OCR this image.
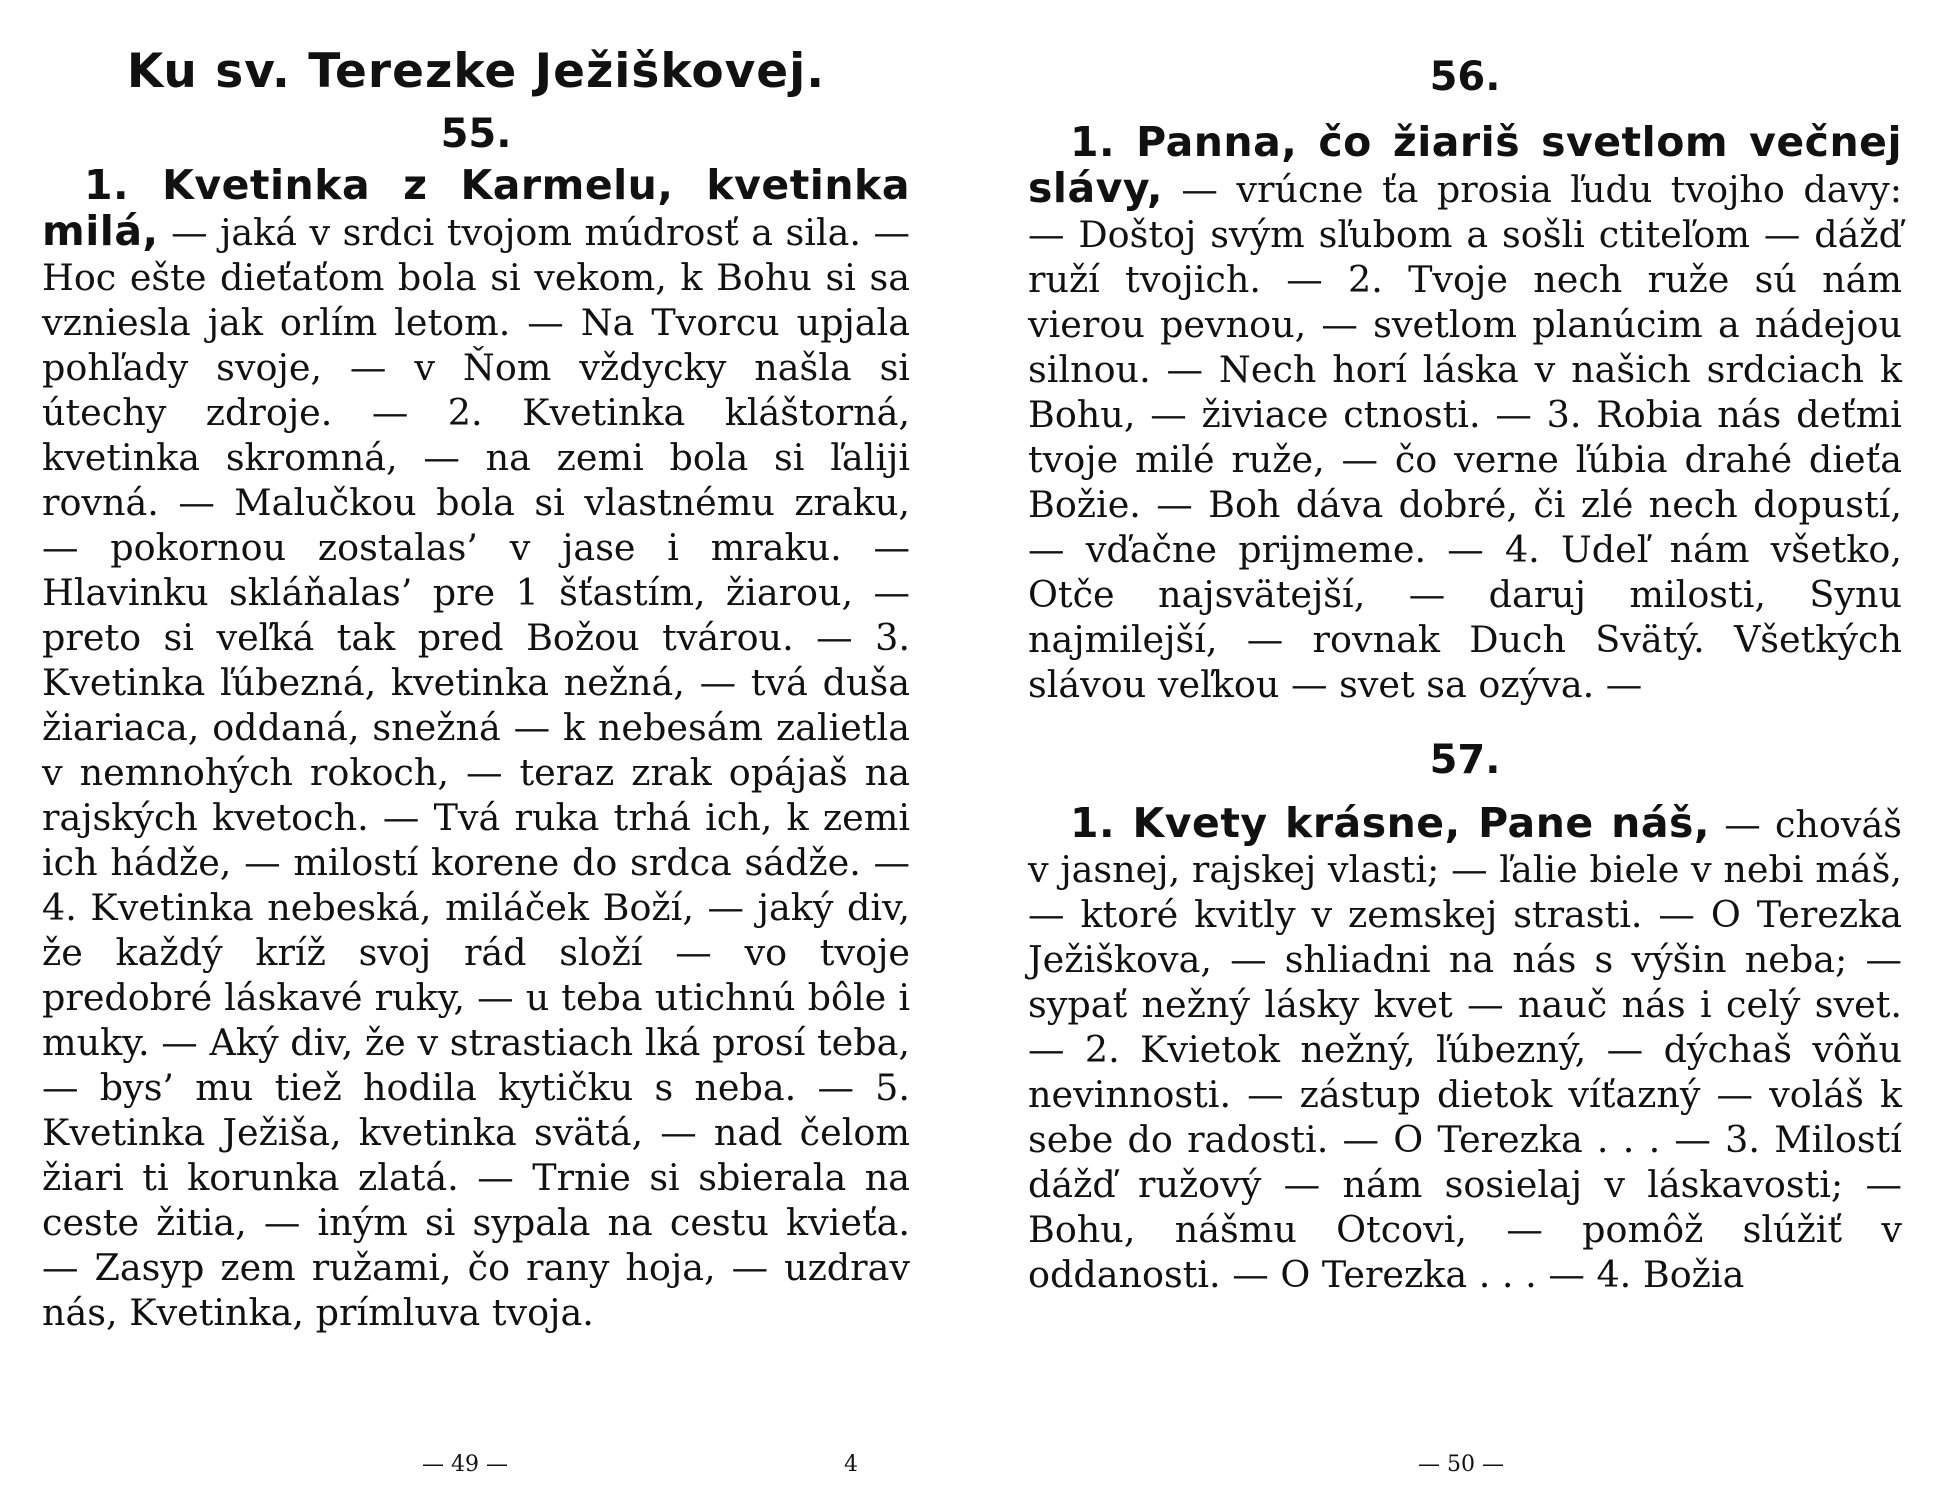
Ku sv. Terezke Ježiškovej.
55.

1. Kvetinka z Karmelu, kvetinka milá, — jaká v srdci tvojom múdrosť a sila. — Hoc ešte dieťaťom bola si vekom, k Bohu si sa vzniesla jak orlím letom. — Na Tvorcu upjala pohľady svoje, — v Ňom vždycky našla si útechy zdroje. — 2. Kvetinka kláštorná, kvetinka skromná, — na zemi bola si ľaliji rovná. — Malučkou bola si vlastnému zraku, — pokornou zostalas’ v jase i mraku. — Hlavinku skláňalas’ pre 1 šťastím, žiarou, — preto si veľká tak pred Božou tvárou. — 3. Kvetinka ľúbezná, kvetinka nežná, — tvá duša žiariaca, oddaná, snežná — k nebesám zalietla v nemnohých rokoch, — teraz zrak opájaš na rajských kvetoch. — Tvá ruka trhá ich, k zemi ich hádže, — milostí korene do srdca sádže. — 4. Kvetinka nebeská, miláček Boží, — jaký div, že každý kríž svoj rád složí — vo tvoje predobré láskavé ruky, — u teba utichnú bôle i muky. — Aký div, že v strastiach lká prosí teba, — bys’ mu tiež hodila kytičku s neba. — 5. Kvetinka Ježiša, kvetinka svätá, — nad čelom žiari ti korunka zlatá. — Trnie si sbierala na ceste žitia, — iným si sypala na cestu kvieťa. — Zasyp zem ružami, čo rany hoja, — uzdrav nás, Kvetinka, prímluva tvoja.

— 49 —	4
56.

1. Panna, čo žiariš svetlom večnej slávy, — vrúcne ťa prosia ľudu tvojho davy: — Doštoj svým sľubom a sošli ctiteľom — dážď ruží tvojich. — 2. Tvoje nech ruže sú nám vierou pevnou, — svetlom planúcim a nádejou silnou. — Nech horí láska v našich srdciach k Bohu, — živiace ctnosti. — 3. Robia nás deťmi tvoje milé ruže, — čo verne ľúbia drahé dieťa Božie. — Boh dáva dobré, či zlé nech dopustí, — vďačne prijmeme. — 4. Udeľ nám všetko, Otče najsvätejší, — daruj milosti, Synu najmilejší, — rovnak Duch Svätý. Všetkých slávou veľkou — svet sa ozýva. —

57.

1. Kvety krásne, Pane náš, — chováš v jasnej, rajskej vlasti; — ľalie biele v nebi máš, — ktoré kvitly v zemskej strasti. — O Terezka Ježiškova, — shliadni na nás s výšin neba; — sypať nežný lásky kvet — nauč nás i celý svet. — 2. Kvietok nežný, ľúbezný, — dýchaš vôňu nevinnosti. — zástup dietok víťazný — voláš k sebe do radosti. — O Terezka . . . — 3. Milostí dážď ružový — nám sosielaj v láskavosti; — Bohu, nášmu Otcovi, — pomôž slúžiť v oddanosti. — O Terezka . . . — 4. Božia

— 50 —
